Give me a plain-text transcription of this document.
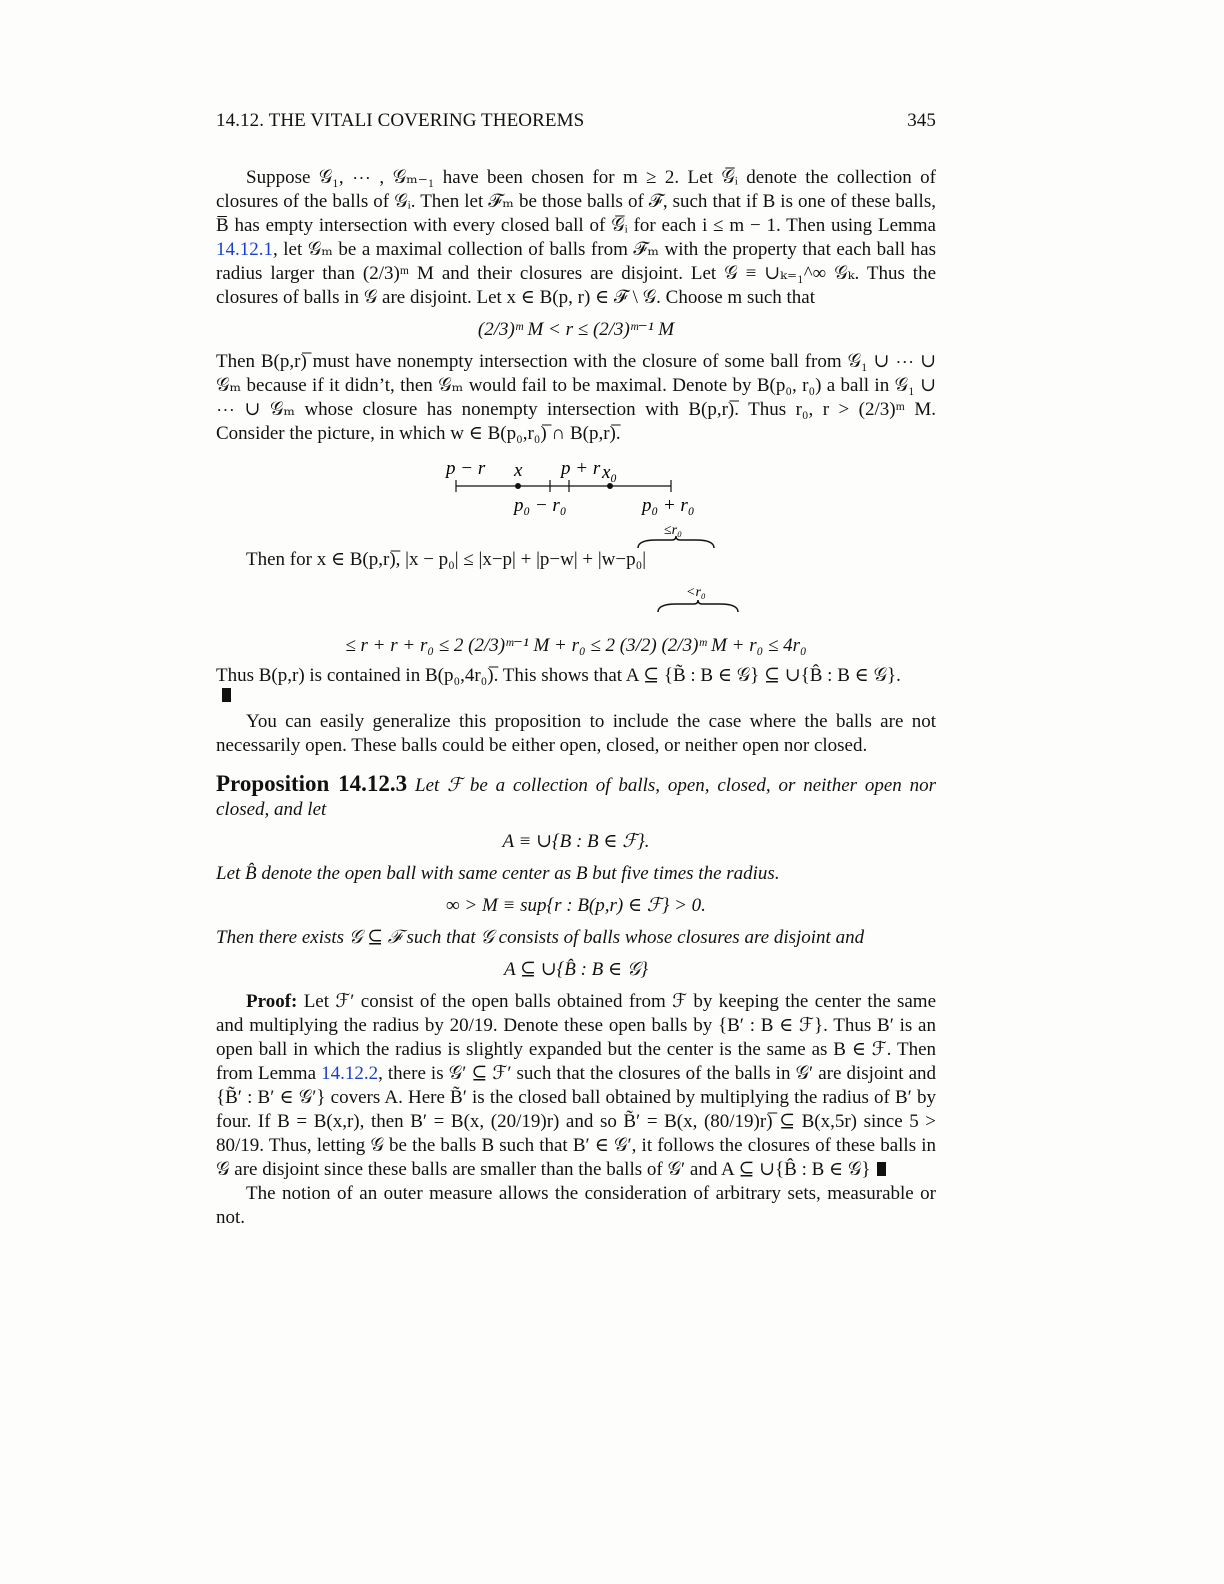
14.12. THE VITALI COVERING THEOREMS	345

Suppose 𝒢₁, ⋯ , 𝒢ₘ₋₁ have been chosen for m ≥ 2. Let 𝒢̅ᵢ denote the collection of closures of the balls of 𝒢ᵢ. Then let ℱₘ be those balls of ℱ, such that if B is one of these balls, B̅ has empty intersection with every closed ball of 𝒢̅ᵢ for each i ≤ m − 1. Then using Lemma 14.12.1, let 𝒢ₘ be a maximal collection of balls from ℱₘ with the property that each ball has radius larger than (2/3)ᵐ M and their closures are disjoint. Let 𝒢 ≡ ∪ₖ₌₁^∞ 𝒢ₖ. Thus the closures of balls in 𝒢 are disjoint. Let x ∈ B(p, r) ∈ ℱ \ 𝒢. Choose m such that

(2/3)ᵐ M < r ≤ (2/3)ᵐ⁻¹ M

Then B(p,r)̅ must have nonempty intersection with the closure of some ball from 𝒢₁ ∪ ⋯ ∪ 𝒢ₘ because if it didn’t, then 𝒢ₘ would fail to be maximal. Denote by B(p₀, r₀) a ball in 𝒢₁ ∪ ⋯ ∪ 𝒢ₘ whose closure has nonempty intersection with B(p,r)̅. Thus r₀, r > (2/3)ᵐ M. Consider the picture, in which w ∈ B(p₀,r₀)̅ ∩ B(p,r)̅.

p − r x p + r x₀
p₀ − r₀	p₀ + r₀
≤r₀

Then for x ∈ B(p,r)̅, |x − p₀| ≤ |x−p| + |p−w| + |w−p₀|

<r₀
≤ r + r + r₀ ≤ 2 (2/3)ᵐ⁻¹ M + r₀ ≤ 2 (3/2) (2/3)ᵐ M + r₀ ≤ 4r₀

Thus B(p,r) is contained in B(p₀,4r₀)̅. This shows that A ⊆ {B̃ : B ∈ 𝒢} ⊆ ∪{B̂ : B ∈ 𝒢}.

You can easily generalize this proposition to include the case where the balls are not necessarily open. These balls could be either open, closed, or neither open nor closed.

Proposition 14.12.3 Let ℱ be a collection of balls, open, closed, or neither open nor closed, and let

A ≡ ∪{B : B ∈ ℱ}.

Let B̂ denote the open ball with same center as B but five times the radius.

∞ > M ≡ sup{r : B(p,r) ∈ ℱ} > 0.

Then there exists 𝒢 ⊆ ℱ such that 𝒢 consists of balls whose closures are disjoint and

A ⊆ ∪{B̂ : B ∈ 𝒢}

Proof: Let ℱ′ consist of the open balls obtained from ℱ by keeping the center the same and multiplying the radius by 20/19. Denote these open balls by {B′ : B ∈ ℱ}. Thus B′ is an open ball in which the radius is slightly expanded but the center is the same as B ∈ ℱ. Then from Lemma 14.12.2, there is 𝒢′ ⊆ ℱ′ such that the closures of the balls in 𝒢′ are disjoint and {B̃′ : B′ ∈ 𝒢′} covers A. Here B̃′ is the closed ball obtained by multiplying the radius of B′ by four. If B = B(x,r), then B′ = B(x, (20/19)r) and so B̃′ = B(x, (80/19)r)̅ ⊆ B(x,5r) since 5 > 80/19. Thus, letting 𝒢 be the balls B such that B′ ∈ 𝒢′, it follows the closures of these balls in 𝒢 are disjoint since these balls are smaller than the balls of 𝒢′ and A ⊆ ∪{B̂ : B ∈ 𝒢}

The notion of an outer measure allows the consideration of arbitrary sets, measurable or not.
